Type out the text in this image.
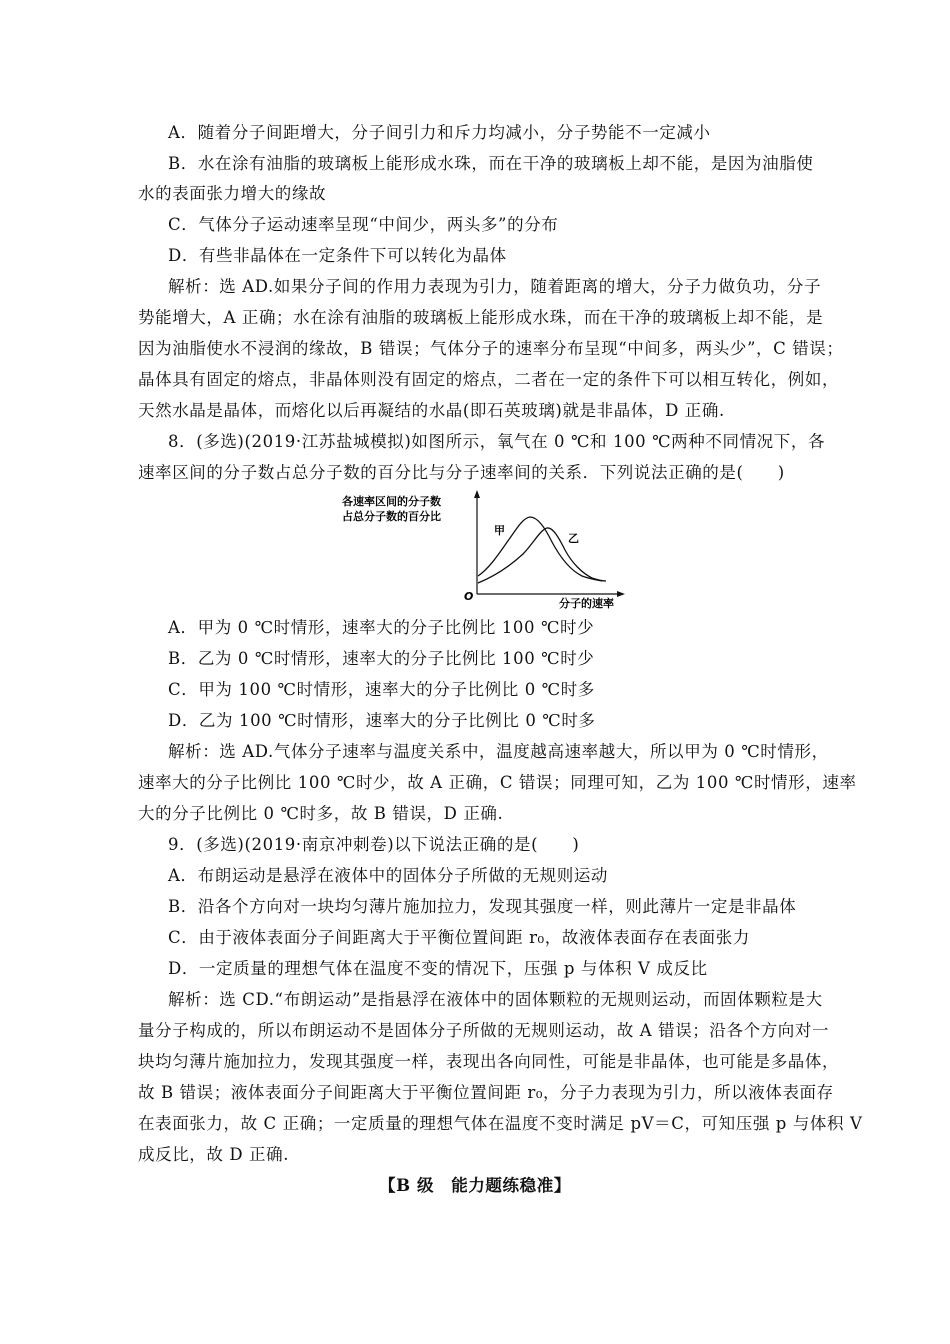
A．随着分子间距增大，分子间引力和斥力均减小，分子势能不一定减小
B．水在涂有油脂的玻璃板上能形成水珠，而在干净的玻璃板上却不能，是因为油脂使
水的表面张力增大的缘故
C．气体分子运动速率呈现“中间少，两头多”的分布
D．有些非晶体在一定条件下可以转化为晶体
解析：选 AD.如果分子间的作用力表现为引力，随着距离的增大，分子力做负功，分子
势能增大，A 正确；水在涂有油脂的玻璃板上能形成水珠，而在干净的玻璃板上却不能，是
因为油脂使水不浸润的缘故，B 错误；气体分子的速率分布呈现“中间多，两头少”，C 错误；
晶体具有固定的熔点，非晶体则没有固定的熔点，二者在一定的条件下可以相互转化，例如，
天然水晶是晶体，而熔化以后再凝结的水晶(即石英玻璃)就是非晶体，D 正确.
8．(多选)(2019·江苏盐城模拟)如图所示，氧气在 0 ℃和 100 ℃两种不同情况下，各
速率区间的分子数占总分子数的百分比与分子速率间的关系．下列说法正确的是(　　)
各速率区间的分子数
占总分子数的百分比
O
分子的速率
甲
乙
A．甲为 0 ℃时情形，速率大的分子比例比 100 ℃时少
B．乙为 0 ℃时情形，速率大的分子比例比 100 ℃时少
C．甲为 100 ℃时情形，速率大的分子比例比 0 ℃时多
D．乙为 100 ℃时情形，速率大的分子比例比 0 ℃时多
解析：选 AD.气体分子速率与温度关系中，温度越高速率越大，所以甲为 0 ℃时情形，
速率大的分子比例比 100 ℃时少，故 A 正确，C 错误；同理可知，乙为 100 ℃时情形，速率
大的分子比例比 0 ℃时多，故 B 错误，D 正确.
9．(多选)(2019·南京冲刺卷)以下说法正确的是(　　)
A．布朗运动是悬浮在液体中的固体分子所做的无规则运动
B．沿各个方向对一块均匀薄片施加拉力，发现其强度一样，则此薄片一定是非晶体
C．由于液体表面分子间距离大于平衡位置间距 r₀，故液体表面存在表面张力
D．一定质量的理想气体在温度不变的情况下，压强 p 与体积 V 成反比
解析：选 CD.“布朗运动”是指悬浮在液体中的固体颗粒的无规则运动，而固体颗粒是大
量分子构成的，所以布朗运动不是固体分子所做的无规则运动，故 A 错误；沿各个方向对一
块均匀薄片施加拉力，发现其强度一样，表现出各向同性，可能是非晶体，也可能是多晶体，
故 B 错误；液体表面分子间距离大于平衡位置间距 r₀，分子力表现为引力，所以液体表面存
在表面张力，故 C 正确；一定质量的理想气体在温度不变时满足 pV＝C，可知压强 p 与体积 V
成反比，故 D 正确.
【B 级　能力题练稳准】
